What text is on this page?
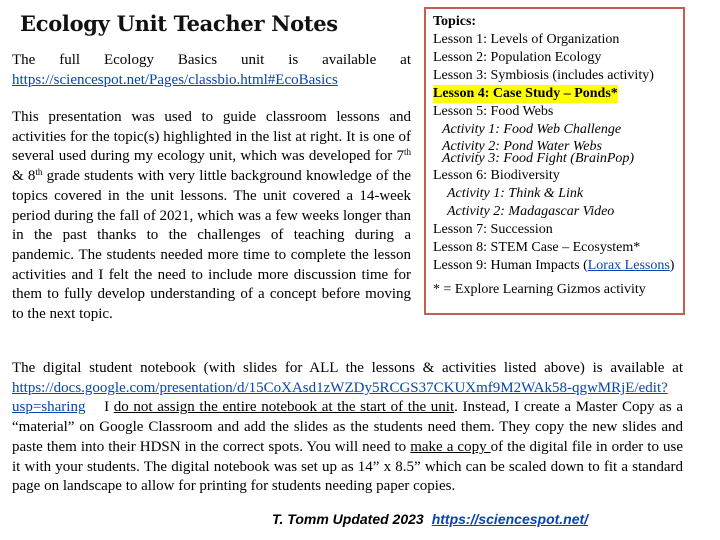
Ecology Unit Teacher Notes

The full Ecology Basics unit is available at https://sciencespot.net/Pages/classbio.html#EcoBasics

This presentation was used to guide classroom lessons and activities for the topic(s) highlighted in the list at right. It is one of several used during my ecology unit, which was developed for 7th & 8th grade students with very little background knowledge of the topics covered in the unit lessons. The unit covered a 14-week period during the fall of 2021, which was a few weeks longer than in the past thanks to the challenges of teaching during a pandemic. The students needed more time to complete the lesson activities and I felt the need to include more discussion time for them to fully develop understanding of a concept before moving to the next topic.

Topics:
Lesson 1: Levels of Organization
Lesson 2: Population Ecology
Lesson 3: Symbiosis (includes activity)
Lesson 4: Case Study – Ponds*
Lesson 5: Food Webs
Activity 1: Food Web Challenge
Activity 2: Pond Water Webs
Activity 3: Food Fight (BrainPop)
Lesson 6: Biodiversity
Activity 1: Think & Link
Activity 2: Madagascar Video
Lesson 7: Succession
Lesson 8: STEM Case – Ecosystem*
Lesson 9: Human Impacts (Lorax Lessons)
* = Explore Learning Gizmos activity

The digital student notebook (with slides for ALL the lessons & activities listed above) is available at https://docs.google.com/presentation/d/15CoXAsd1zWZDy5RCGS37CKUXmf9M2WAk58-qgwMRjE/edit?usp=sharing    I do not assign the entire notebook at the start of the unit. Instead, I create a Master Copy as a “material” on Google Classroom and add the slides as the students need them. They copy the new slides and paste them into their HDSN in the correct spots. You will need to make a copy of the digital file in order to use it with your students. The digital notebook was set up as 14” x 8.5” which can be scaled down to fit a standard page on landscape to allow for printing for students needing paper copies.

T. Tomm Updated 2023 https://sciencespot.net/
